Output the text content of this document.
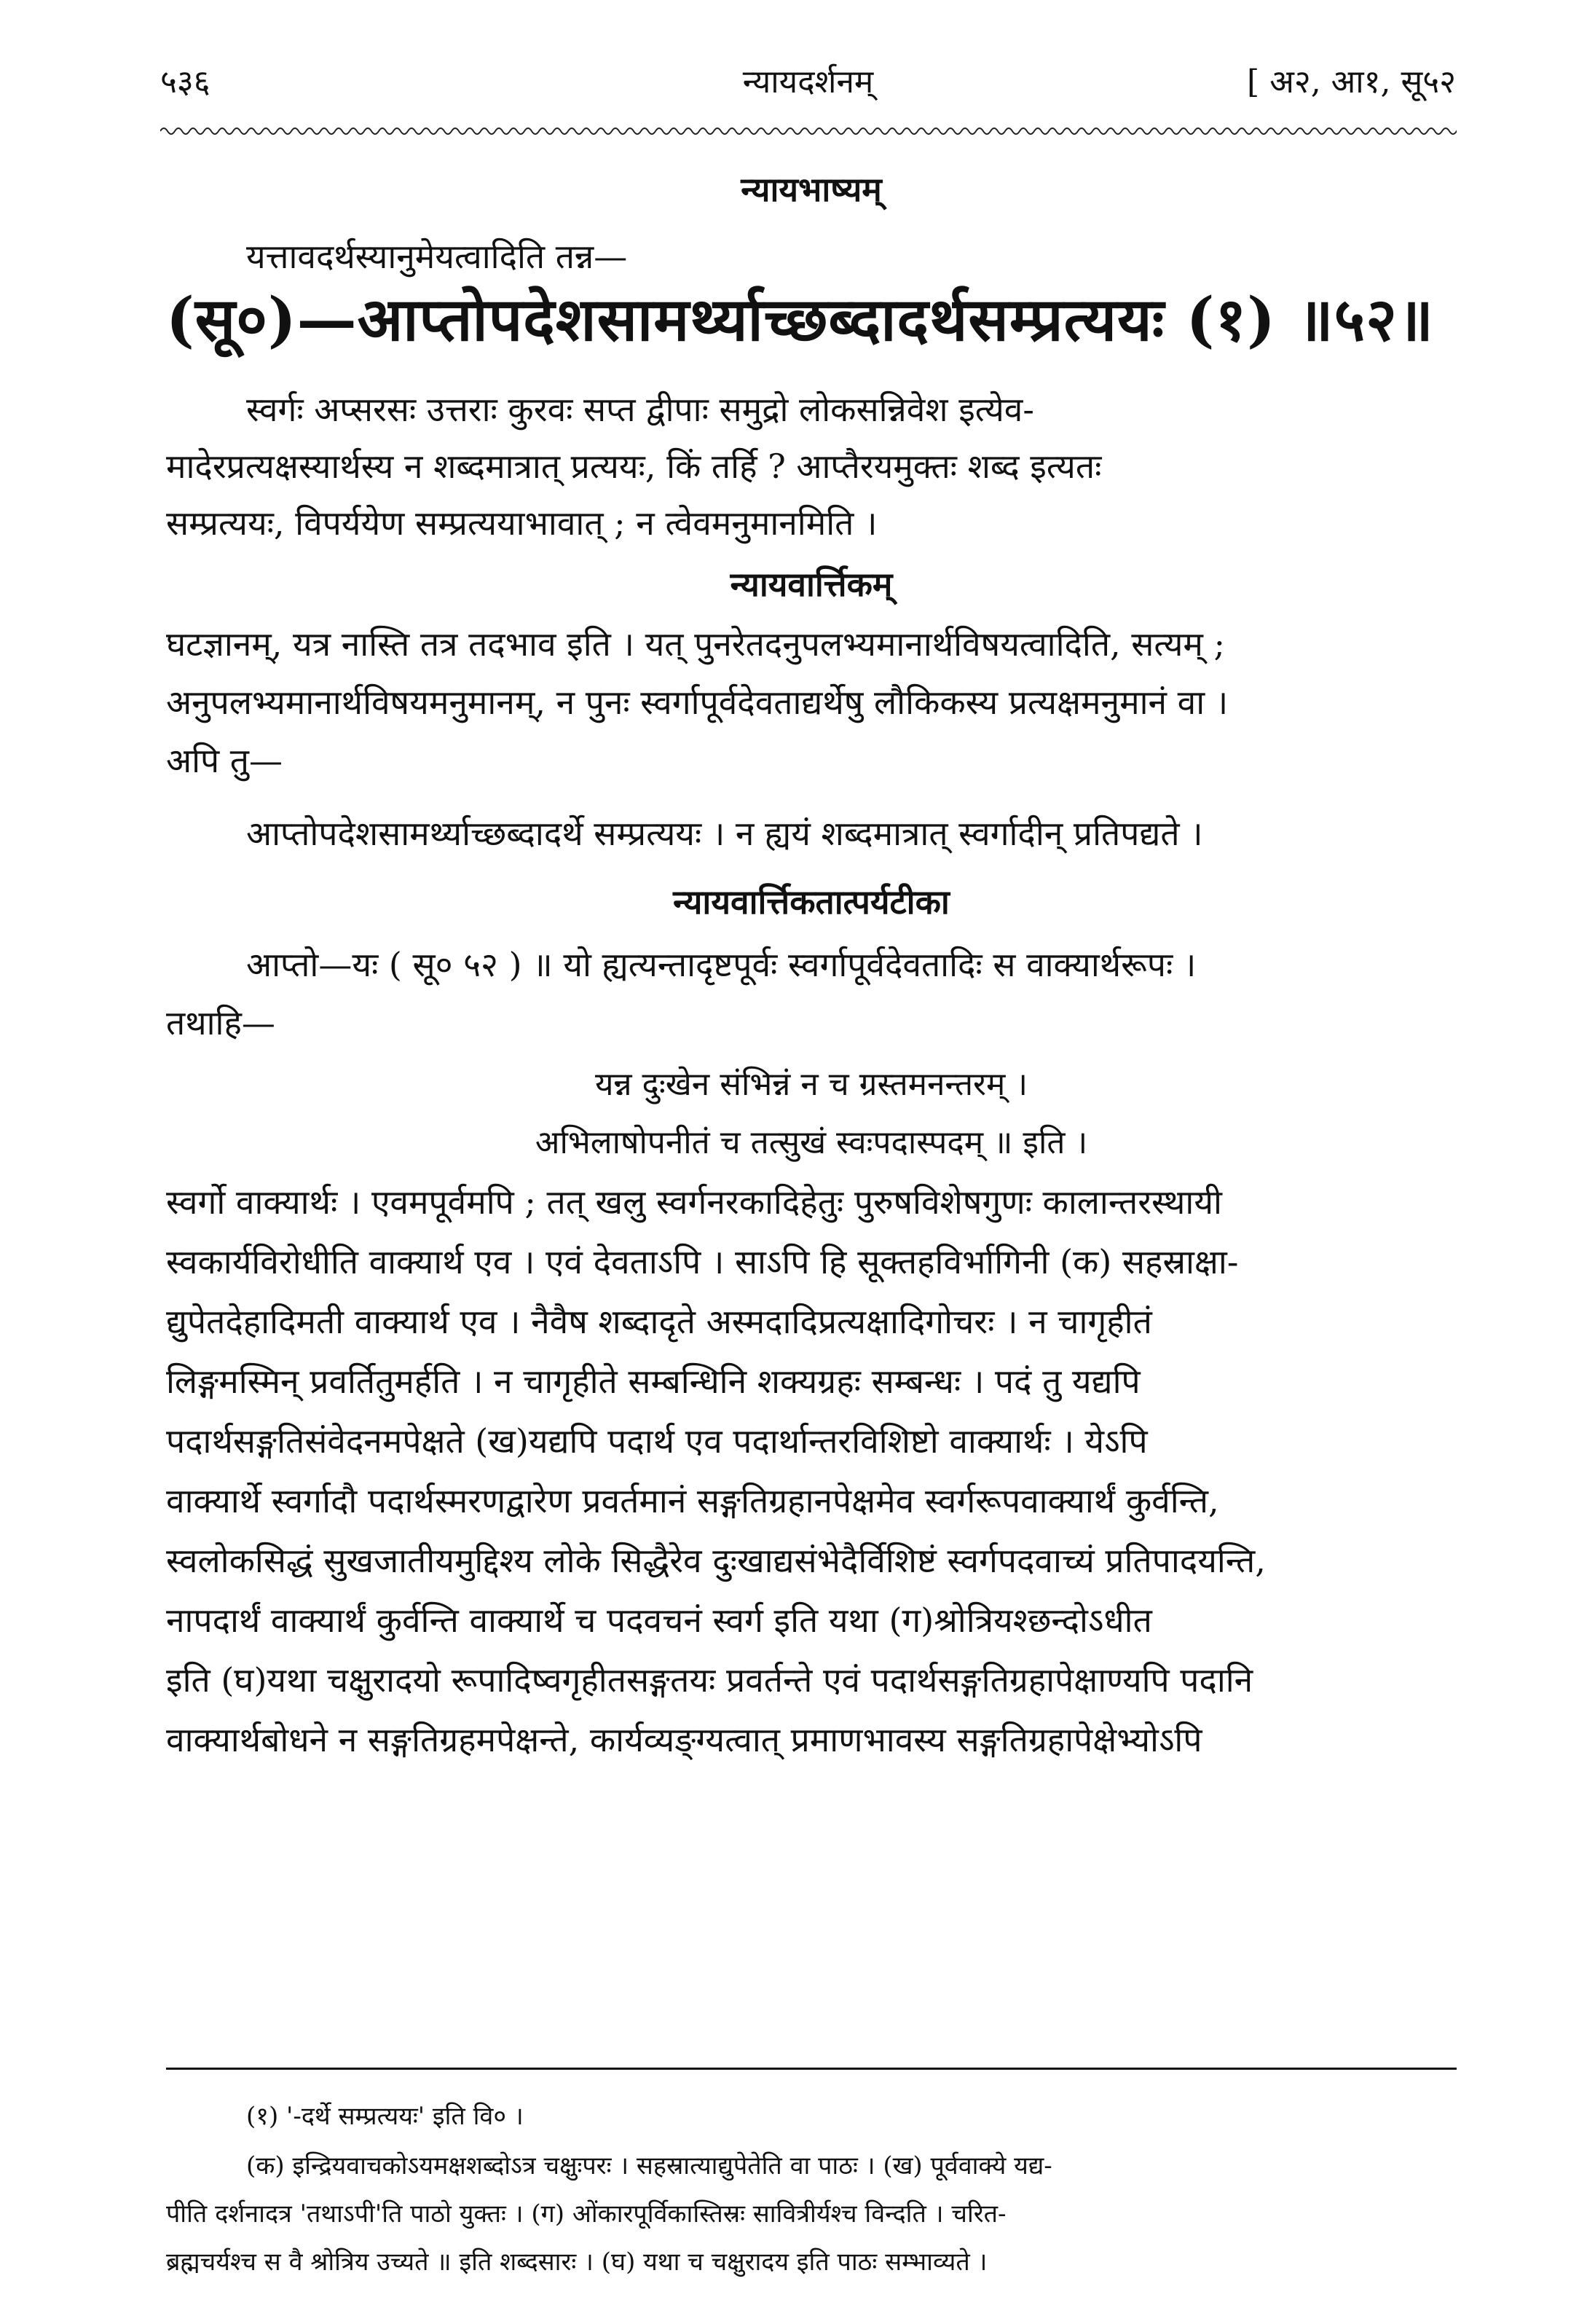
५३६	न्यायदर्शनम्	[ अ२, आ१, सू५२
न्यायभाष्यम्
यत्तावदर्थस्यानुमेयत्वादिति तन्न—
(सू०)—आप्तोपदेशसामर्थ्याच्छब्दादर्थसम्प्रत्ययः (१) ॥५२॥
स्वर्गः अप्सरसः उत्तराः कुरवः सप्त द्वीपाः समुद्रो लोकसन्निवेश इत्येव-
मादेरप्रत्यक्षस्यार्थस्य न शब्दमात्रात् प्रत्ययः, किं तर्हि ? आप्तैरयमुक्तः शब्द इत्यतः
सम्प्रत्ययः, विपर्ययेण सम्प्रत्ययाभावात् ; न त्वेवमनुमानमिति ।
न्यायवार्त्तिकम्
घटज्ञानम्, यत्र नास्ति तत्र तदभाव इति । यत् पुनरेतदनुपलभ्यमानार्थविषयत्वादिति, सत्यम् ;
अनुपलभ्यमानार्थविषयमनुमानम्, न पुनः स्वर्गापूर्वदेवताद्यर्थेषु लौकिकस्य प्रत्यक्षमनुमानं वा ।
अपि तु—
आप्तोपदेशसामर्थ्याच्छब्दादर्थे सम्प्रत्ययः । न ह्ययं शब्दमात्रात् स्वर्गादीन् प्रतिपद्यते ।
न्यायवार्त्तिकतात्पर्यटीका
आप्तो—यः ( सू० ५२ ) ॥ यो ह्यत्यन्तादृष्टपूर्वः स्वर्गापूर्वदेवतादिः स वाक्यार्थरूपः ।
तथाहि—
यन्न दुःखेन संभिन्नं न च ग्रस्तमनन्तरम् ।
अभिलाषोपनीतं च तत्सुखं स्वःपदास्पदम् ॥ इति ।
स्वर्गो वाक्यार्थः । एवमपूर्वमपि ; तत् खलु स्वर्गनरकादिहेतुः पुरुषविशेषगुणः कालान्तरस्थायी
स्वकार्यविरोधीति वाक्यार्थ एव । एवं देवताऽपि । साऽपि हि सूक्तहविर्भागिनी (क) सहस्राक्षा-
द्युपेतदेहादिमती वाक्यार्थ एव । नैवैष शब्दादृते अस्मदादिप्रत्यक्षादिगोचरः । न चागृहीतं
लिङ्गमस्मिन् प्रवर्तितुमर्हति । न चागृहीते सम्बन्धिनि शक्यग्रहः सम्बन्धः । पदं तु यद्यपि
पदार्थसङ्गतिसंवेदनमपेक्षते (ख)यद्यपि पदार्थ एव पदार्थान्तरविशिष्टो वाक्यार्थः । येऽपि
वाक्यार्थे स्वर्गादौ पदार्थस्मरणद्वारेण प्रवर्तमानं सङ्गतिग्रहानपेक्षमेव स्वर्गरूपवाक्यार्थं कुर्वन्ति,
स्वलोकसिद्धं सुखजातीयमुद्दिश्य लोके सिद्धैरेव दुःखाद्यसंभेदैर्विशिष्टं स्वर्गपदवाच्यं प्रतिपादयन्ति,
नापदार्थं वाक्यार्थं कुर्वन्ति वाक्यार्थे च पदवचनं स्वर्ग इति यथा (ग)श्रोत्रियश्छन्दोऽधीत
इति (घ)यथा चक्षुरादयो रूपादिष्वगृहीतसङ्गतयः प्रवर्तन्ते एवं पदार्थसङ्गतिग्रहापेक्षाण्यपि पदानि
वाक्यार्थबोधने न सङ्गतिग्रहमपेक्षन्ते, कार्यव्यङ्ग्यत्वात् प्रमाणभावस्य सङ्गतिग्रहापेक्षेभ्योऽपि
(१) '-दर्थे सम्प्रत्ययः' इति वि० ।
(क) इन्द्रियवाचकोऽयमक्षशब्दोऽत्र चक्षुःपरः । सहस्रात्याद्युपेतेति वा पाठः । (ख) पूर्ववाक्ये यद्य-
पीति दर्शनादत्र 'तथाऽपी'ति पाठो युक्तः । (ग) ओंकारपूर्विकास्तिस्रः सावित्रीर्यश्च विन्दति । चरित-
ब्रह्मचर्यश्च स वै श्रोत्रिय उच्यते ॥ इति शब्दसारः । (घ) यथा च चक्षुरादय इति पाठः सम्भाव्यते ।
